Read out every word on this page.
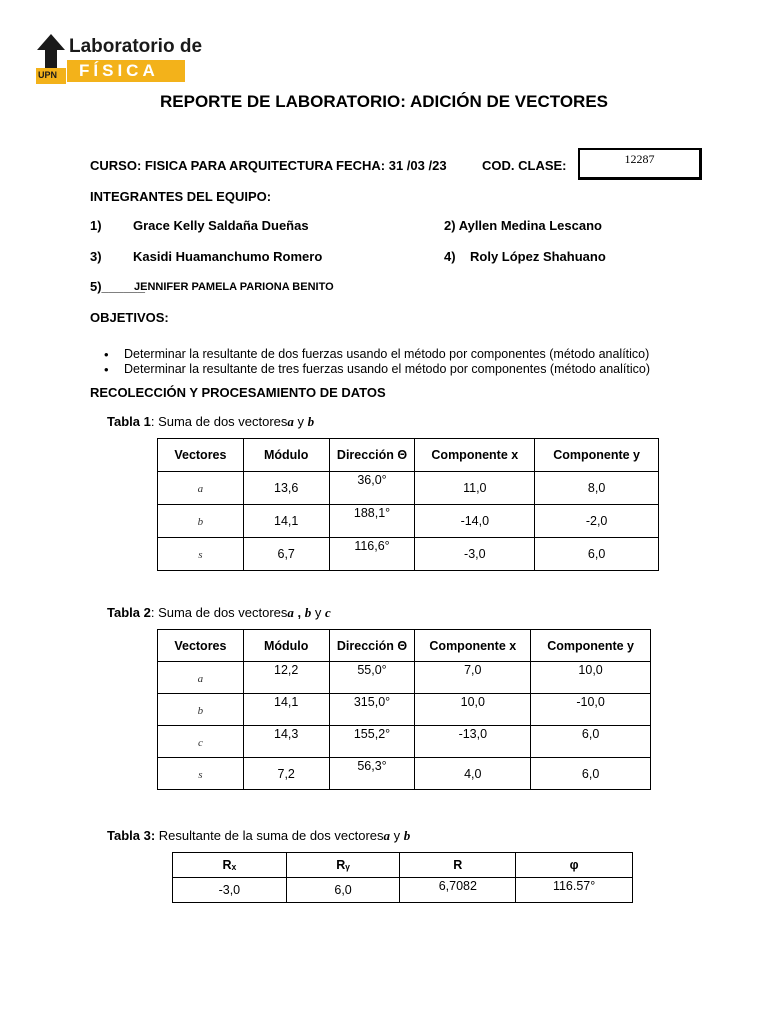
UPN
Laboratorio de
FÍSICA
REPORTE DE LABORATORIO: ADICIÓN DE VECTORES
CURSO: FISICA PARA ARQUITECTURA FECHA: 31 /03 /23	COD. CLASE:	12287
INTEGRANTES DEL EQUIPO:
1) Grace Kelly Saldaña Dueñas	2) Ayllen Medina Lescano
3) Kasidi Huamanchumo Romero	4) Roly López Shahuano
5)______
JENNIFER PAMELA PARIONA BENITO
OBJETIVOS:
• Determinar la resultante de dos fuerzas usando el método por componentes (método analítico)
• Determinar la resultante de tres fuerzas usando el método por componentes (método analítico)
RECOLECCIÓN Y PROCESAMIENTO DE DATOS
Tabla 1: Suma de dos vectoresa y b
Vectores	Módulo	Dirección Θ	Componente x	Componente y
a	13,6	36,0°	11,0	8,0
b	14,1	188,1°	-14,0	-2,0
s	6,7	116,6°	-3,0	6,0
Tabla 2: Suma de dos vectoresa , b y c
Vectores	Módulo	Dirección Θ	Componente x	Componente y
a	12,2	55,0°	7,0	10,0
b	14,1	315,0°	10,0	-10,0
c	14,3	155,2°	-13,0	6,0
s	7,2	56,3°	4,0	6,0
Tabla 3: Resultante de la suma de dos vectoresa y b
Rₓ	Rᵧ	R	φ
-3,0	6,0	6,7082	116.57°
